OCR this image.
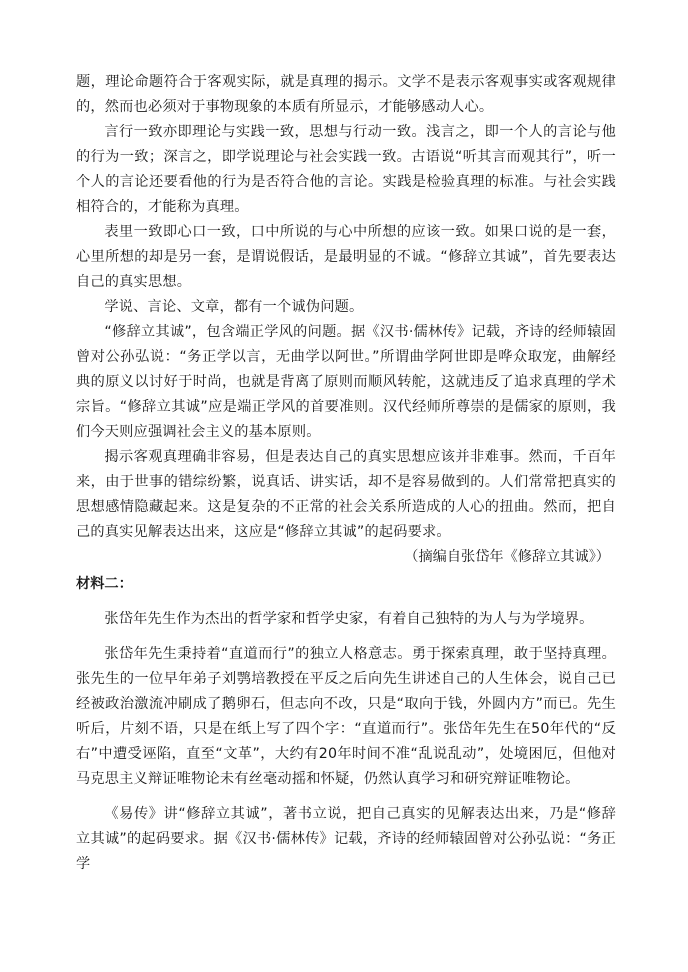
题，理论命题符合于客观实际，就是真理的揭示。文学不是表示客观事实或客观规律的，然而也必须对于事物现象的本质有所显示，才能够感动人心。

言行一致亦即理论与实践一致，思想与行动一致。浅言之，即一个人的言论与他的行为一致；深言之，即学说理论与社会实践一致。古语说“听其言而观其行”，听一个人的言论还要看他的行为是否符合他的言论。实践是检验真理的标准。与社会实践相符合的，才能称为真理。

表里一致即心口一致，口中所说的与心中所想的应该一致。如果口说的是一套，心里所想的却是另一套，是谓说假话，是最明显的不诚。“修辞立其诚”，首先要表达自己的真实思想。

学说、言论、文章，都有一个诚伪问题。

“修辞立其诚”，包含端正学风的问题。据《汉书·儒林传》记载，齐诗的经师辕固曾对公孙弘说：“务正学以言，无曲学以阿世。”所谓曲学阿世即是哗众取宠，曲解经典的原义以讨好于时尚，也就是背离了原则而顺风转舵，这就违反了追求真理的学术宗旨。“修辞立其诚”应是端正学风的首要准则。汉代经师所尊崇的是儒家的原则，我们今天则应强调社会主义的基本原则。

揭示客观真理确非容易，但是表达自己的真实思想应该并非难事。然而，千百年来，由于世事的错综纷繁，说真话、讲实话，却不是容易做到的。人们常常把真实的思想感情隐藏起来。这是复杂的不正常的社会关系所造成的人心的扭曲。然而，把自己的真实见解表达出来，这应是“修辞立其诚”的起码要求。

（摘编自张岱年《修辞立其诚》）

材料二：

张岱年先生作为杰出的哲学家和哲学史家，有着自己独特的为人与为学境界。

张岱年先生秉持着“直道而行”的独立人格意志。勇于探索真理，敢于坚持真理。张先生的一位早年弟子刘鹗培教授在平反之后向先生讲述自己的人生体会，说自己已经被政治激流冲刷成了鹅卵石，但志向不改，只是“取向于钱，外圆内方”而已。先生听后，片刻不语，只是在纸上写了四个字：“直道而行”。张岱年先生在50年代的“反右”中遭受诬陷，直至“文革”，大约有20年时间不准“乱说乱动”，处境困厄，但他对马克思主义辩证唯物论未有丝毫动摇和怀疑，仍然认真学习和研究辩证唯物论。

《易传》讲“修辞立其诚”，著书立说，把自己真实的见解表达出来，乃是“修辞立其诚”的起码要求。据《汉书·儒林传》记载，齐诗的经师辕固曾对公孙弘说：“务正学
